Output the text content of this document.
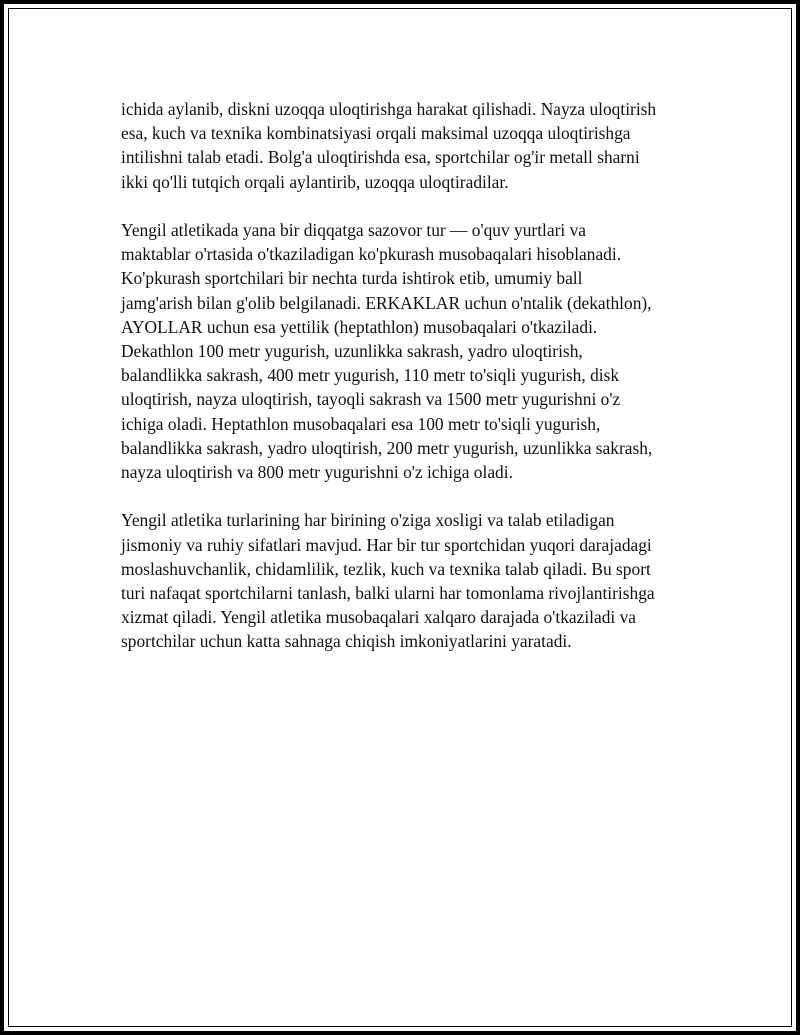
ichida aylanib, diskni uzoqqa uloqtirishga harakat qilishadi. Nayza uloqtirish
esa, kuch va texnika kombinatsiyasi orqali maksimal uzoqqa uloqtirishga
intilishni talab etadi. Bolg'a uloqtirishda esa, sportchilar og'ir metall sharni
ikki qo'lli tutqich orqali aylantirib, uzoqqa uloqtiradilar.
Yengil atletikada yana bir diqqatga sazovor tur — o'quv yurtlari va
maktablar o'rtasida o'tkaziladigan ko'pkurash musobaqalari hisoblanadi.
Ko'pkurash sportchilari bir nechta turda ishtirok etib, umumiy ball
jamg'arish bilan g'olib belgilanadi. ERKAKLAR uchun o'ntalik (dekathlon),
AYOLLAR uchun esa yettilik (heptathlon) musobaqalari o'tkaziladi.
Dekathlon 100 metr yugurish, uzunlikka sakrash, yadro uloqtirish,
balandlikka sakrash, 400 metr yugurish, 110 metr to'siqli yugurish, disk
uloqtirish, nayza uloqtirish, tayoqli sakrash va 1500 metr yugurishni o'z
ichiga oladi. Heptathlon musobaqalari esa 100 metr to'siqli yugurish,
balandlikka sakrash, yadro uloqtirish, 200 metr yugurish, uzunlikka sakrash,
nayza uloqtirish va 800 metr yugurishni o'z ichiga oladi.
Yengil atletika turlarining har birining o'ziga xosligi va talab etiladigan
jismoniy va ruhiy sifatlari mavjud. Har bir tur sportchidan yuqori darajadagi
moslashuvchanlik, chidamlilik, tezlik, kuch va texnika talab qiladi. Bu sport
turi nafaqat sportchilarni tanlash, balki ularni har tomonlama rivojlantirishga
xizmat qiladi. Yengil atletika musobaqalari xalqaro darajada o'tkaziladi va
sportchilar uchun katta sahnaga chiqish imkoniyatlarini yaratadi.
